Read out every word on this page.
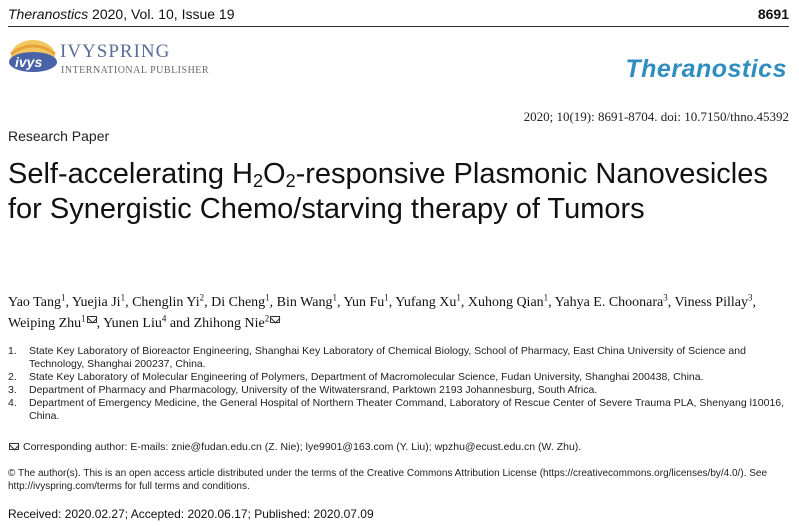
Theranostics 2020, Vol. 10, Issue 19	8691
ivys IVYSPRING
INTERNATIONAL PUBLISHER	Theranostics
2020; 10(19): 8691-8704. doi: 10.7150/thno.45392
Research Paper
Self-accelerating $H_2O_2$-responsive Plasmonic Nanovesicles for Synergistic Chemo/starving therapy of Tumors
Yao Tang$^1$, Yuejia Ji$^1$, Chenglin Yi$^2$, Di Cheng$^1$, Bin Wang$^1$, Yun Fu$^1$, Yufang Xu$^1$, Xuhong Qian$^1$, Yahya E. Choonara$^3$, Viness Pillay$^3$, Weiping Zhu$^1$ , Yunen Liu$^4$ and Zhihong Nie$^2$
1. State Key Laboratory of Bioreactor Engineering, Shanghai Key Laboratory of Chemical Biology, School of Pharmacy, East China University of Science and Technology, Shanghai 200237, China.
2. State Key Laboratory of Molecular Engineering of Polymers, Department of Macromolecular Science, Fudan University, Shanghai 200438, China.
3. Department of Pharmacy and Pharmacology, University of the Witwatersrand, Parktown 2193 Johannesburg, South Africa.
4. Department of Emergency Medicine, the General Hospital of Northern Theater Command, Laboratory of Rescue Center of Severe Trauma PLA, Shenyang l10016, China.
Corresponding author: E-mails: znie@fudan.edu.cn (Z. Nie); lye9901@163.com (Y. Liu); wpzhu@ecust.edu.cn (W. Zhu).
© The author(s). This is an open access article distributed under the terms of the Creative Commons Attribution License (https://creativecommons.org/licenses/by/4.0/). See http://ivyspring.com/terms for full terms and conditions.
Received: 2020.02.27; Accepted: 2020.06.17; Published: 2020.07.09
